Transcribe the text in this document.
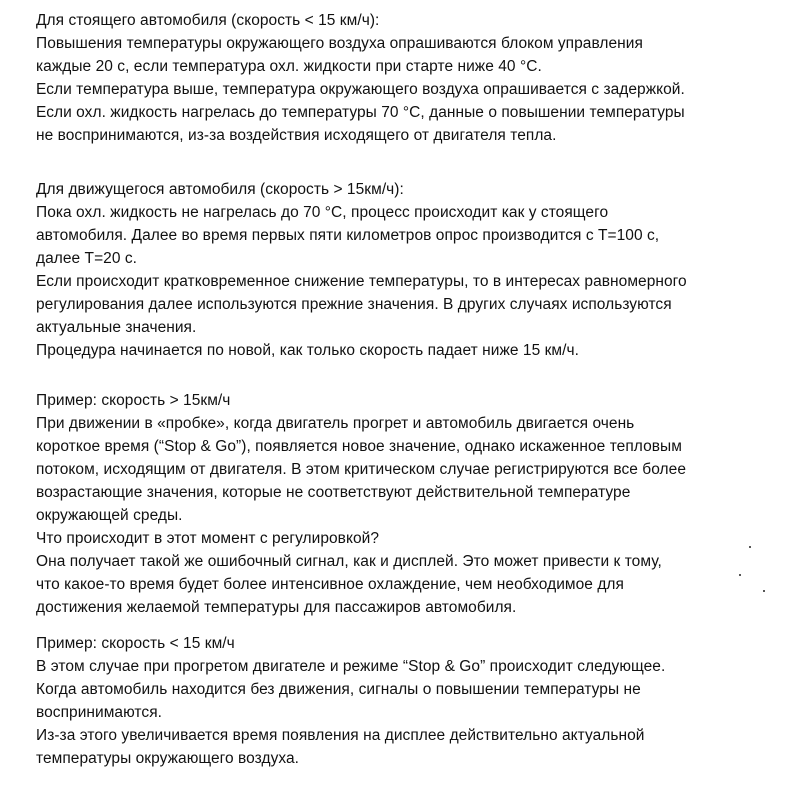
Для стоящего автомобиля (скорость < 15 км/ч):
Повышения температуры окружающего воздуха опрашиваются блоком управления
каждые 20 с, если температура охл. жидкости при старте ниже 40 °С.
Если температура выше, температура окружающего воздуха опрашивается с задержкой.
Если охл. жидкость нагрелась до температуры 70 °С, данные о повышении температуры
не воспринимаются, из-за воздействия исходящего от двигателя тепла.
Для движущегося автомобиля (скорость > 15км/ч):
Пока охл. жидкость не нагрелась до 70 °С, процесс происходит как у стоящего
автомобиля. Далее во время первых пяти километров опрос производится с T=100 с,
далее T=20 с.
Если происходит кратковременное снижение температуры, то в интересах равномерного
регулирования далее используются прежние значения. В других случаях используются
актуальные значения.
Процедура начинается по новой, как только скорость падает ниже 15 км/ч.
Пример: скорость > 15км/ч
При движении в «пробке», когда двигатель прогрет и автомобиль двигается очень
короткое время (“Stop & Go”), появляется новое значение, однако искаженное тепловым
потоком, исходящим от двигателя. В этом критическом случае регистрируются все более
возрастающие значения, которые не соответствуют действительной температуре
окружающей среды.
Что происходит в этот момент с регулировкой?
Она получает такой же ошибочный сигнал, как и дисплей. Это может привести к тому,
что какое-то время будет более интенсивное охлаждение, чем необходимое для
достижения желаемой температуры для пассажиров автомобиля.
Пример: скорость < 15 км/ч
В этом случае при прогретом двигателе и режиме “Stop & Go” происходит следующее.
Когда автомобиль находится без движения, сигналы о повышении температуры не
воспринимаются.
Из-за этого увеличивается время появления на дисплее действительно актуальной
температуры окружающего воздуха.
